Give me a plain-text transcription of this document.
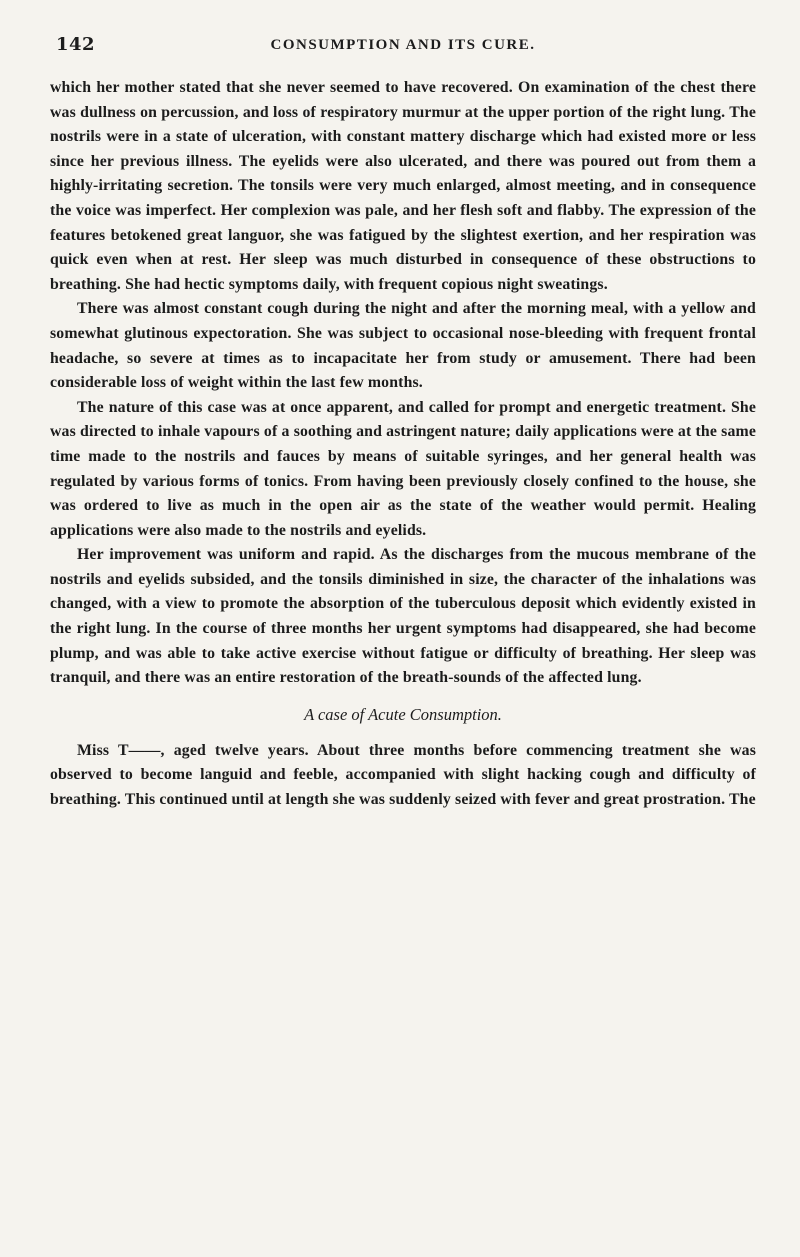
142	CONSUMPTION AND ITS CURE.

which her mother stated that she never seemed to have recovered. On examination of the chest there was dullness on percussion, and loss of respiratory murmur at the upper portion of the right lung. The nostrils were in a state of ulceration, with constant mattery discharge which had existed more or less since her previous illness. The eyelids were also ulcerated, and there was poured out from them a highly-irritating secretion. The tonsils were very much enlarged, almost meeting, and in consequence the voice was imperfect. Her complexion was pale, and her flesh soft and flabby. The expression of the features betokened great languor, she was fatigued by the slightest exertion, and her respiration was quick even when at rest. Her sleep was much disturbed in consequence of these obstructions to breathing. She had hectic symptoms daily, with frequent copious night sweatings.

There was almost constant cough during the night and after the morning meal, with a yellow and somewhat glutinous expectoration. She was subject to occasional nose-bleeding with frequent frontal headache, so severe at times as to incapacitate her from study or amusement. There had been considerable loss of weight within the last few months.

The nature of this case was at once apparent, and called for prompt and energetic treatment. She was directed to inhale vapours of a soothing and astringent nature; daily applications were at the same time made to the nostrils and fauces by means of suitable syringes, and her general health was regulated by various forms of tonics. From having been previously closely confined to the house, she was ordered to live as much in the open air as the state of the weather would permit. Healing applications were also made to the nostrils and eyelids.

Her improvement was uniform and rapid. As the discharges from the mucous membrane of the nostrils and eyelids subsided, and the tonsils diminished in size, the character of the inhalations was changed, with a view to promote the absorption of the tuberculous deposit which evidently existed in the right lung. In the course of three months her urgent symptoms had disappeared, she had become plump, and was able to take active exercise without fatigue or difficulty of breathing. Her sleep was tranquil, and there was an entire restoration of the breath-sounds of the affected lung.

A case of Acute Consumption.

Miss T——, aged twelve years. About three months before commencing treatment she was observed to become languid and feeble, accompanied with slight hacking cough and difficulty of breathing. This continued until at length she was suddenly seized with fever and great prostration. The
